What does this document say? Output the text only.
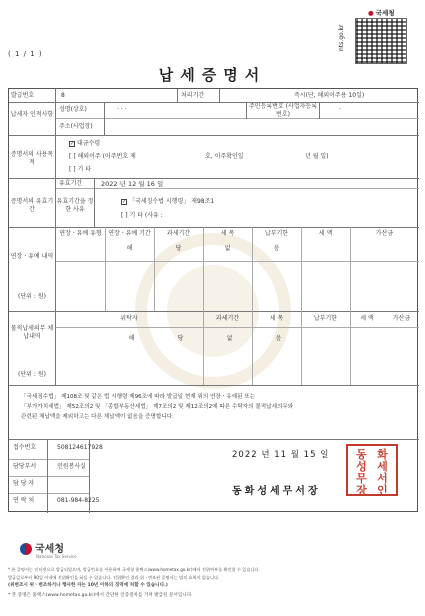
( 1 / 1 )
● 국세청
nts.go.kr
납세증명서
발급번호	8	처리기간	즉시(단, 해외이주용 10일)
납세자 인적사항
성명(상호)	· · ·	주민등록번호 (사업자등록번호)
·
주소(사업장)
증명서의 사용목적
✓대금수령
[ ] 해외이주 (이주번호 제	호, 이주확인일	년 월 일)
[ ] 기 타
증명서의 유효기간
유효기간	2022 년 12 월 16 일
유효기간을 정한 사유
✓「국세징수법 시행령」 제98조1
[ ] 기 타 (사유 :
연장ㆍ유예 내역
(단위 : 원)
연장ㆍ유예 유형	연장ㆍ유예 기간	과세기간	세 목	납부기한	세 액	가산금
해	당	없	음
물적납세의무 체납내역
(단위 : 원)
위탁자	과세기간	세 목	납부기한	세 액	가산금
해	당	없	음
「국세징수법」 제108조 및 같은 법 시행령 제96조에 따라 발급일 현재 위의 연장ㆍ유예된 또는
「부가가치세법」 제52조의2 및 「종합부동산세법」 제7조의2 및 제12조의2에 따른 수탁자의 물적납세의무와
관련된 체납액을 제외하고는 다른 체납액이 없음을 증명합니다.
접수번호	508124617928
담당부서	민원봉사실
담 당 자
연 락 처	081-984-8225
2022 년 11 월 15 일
동화성세무서장
동 화
성 세
무 서
장 인
국세청
National Tax Service
* 본 증명서는 인터넷으로 발급되었으며, 발급번호를 이용하여 국세청 홈택스(www.hometax.go.kr)에서 진위여부를 확인할 수 있습니다.
발급일로부터 90일 이내에 진위확인을 하실 수 있습니다. 진위확인 결과 위ㆍ변조된 증명서는 법적 효력이 없습니다.
(위변조시 위ㆍ변조하거나 행사한 자는 10년 이하의 징역에 처할 수 있습니다.)
* 본 증명은 홈택스(www.hometax.go.kr)에서 간단한 인증절차를 거쳐 발급된 문서입니다.
